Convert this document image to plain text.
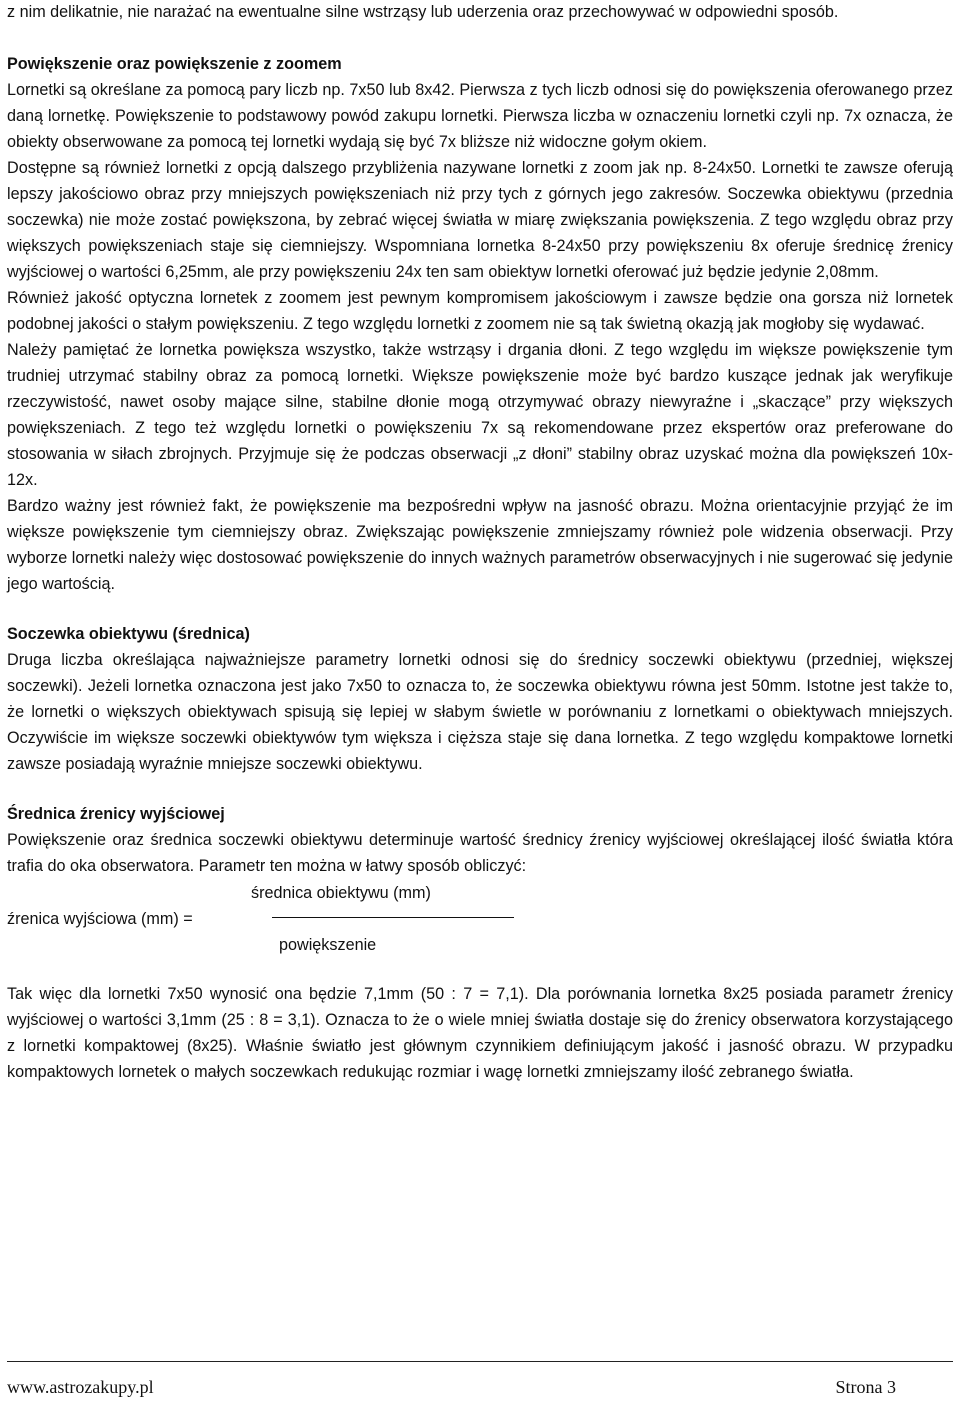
z nim delikatnie, nie narażać na ewentualne silne wstrząsy lub uderzenia oraz przechowywać w odpowiedni sposób.

Powiększenie oraz powiększenie z zoomem

Lornetki są określane za pomocą pary liczb np. 7x50 lub 8x42. Pierwsza z tych liczb odnosi się do powiększenia oferowanego przez daną lornetkę. Powiększenie to podstawowy powód zakupu lornetki. Pierwsza liczba w oznaczeniu lornetki czyli np. 7x oznacza, że obiekty obserwowane za pomocą tej lornetki wydają się być 7x bliższe niż widoczne gołym okiem.

Dostępne są również lornetki z opcją dalszego przybliżenia nazywane lornetki z zoom jak np. 8-24x50. Lornetki te zawsze oferują lepszy jakościowo obraz przy mniejszych powiększeniach niż przy tych z górnych jego zakresów. Soczewka obiektywu (przednia soczewka) nie może zostać powiększona, by zebrać więcej światła w miarę zwiększania powiększenia. Z tego względu obraz przy większych powiększeniach staje się ciemniejszy. Wspomniana lornetka 8-24x50 przy powiększeniu 8x oferuje średnicę źrenicy wyjściowej o wartości 6,25mm, ale przy powiększeniu 24x ten sam obiektyw lornetki oferować już będzie jedynie 2,08mm.

Również jakość optyczna lornetek z zoomem jest pewnym kompromisem jakościowym i zawsze będzie ona gorsza niż lornetek podobnej jakości o stałym powiększeniu. Z tego względu lornetki z zoomem nie są tak świetną okazją jak mogłoby się wydawać.

Należy pamiętać że lornetka powiększa wszystko, także wstrząsy i drgania dłoni. Z tego względu im większe powiększenie tym trudniej utrzymać stabilny obraz za pomocą lornetki. Większe powiększenie może być bardzo kuszące jednak jak weryfikuje rzeczywistość, nawet osoby mające silne, stabilne dłonie mogą otrzymywać obrazy niewyraźne i „skaczące” przy większych powiększeniach. Z tego też względu lornetki o powiększeniu 7x są rekomendowane przez ekspertów oraz preferowane do stosowania w siłach zbrojnych. Przyjmuje się że podczas obserwacji „z dłoni” stabilny obraz uzyskać można dla powiększeń 10x-12x.

Bardzo ważny jest również fakt, że powiększenie ma bezpośredni wpływ na jasność obrazu. Można orientacyjnie przyjąć że im większe powiększenie tym ciemniejszy obraz. Zwiększając powiększenie zmniejszamy również pole widzenia obserwacji. Przy wyborze lornetki należy więc dostosować powiększenie do innych ważnych parametrów obserwacyjnych i nie sugerować się jedynie jego wartością.

Soczewka obiektywu (średnica)

Druga liczba określająca najważniejsze parametry lornetki odnosi się do średnicy soczewki obiektywu (przedniej, większej soczewki). Jeżeli lornetka oznaczona jest jako 7x50 to oznacza to, że soczewka obiektywu równa jest 50mm. Istotne jest także to, że lornetki o większych obiektywach spisują się lepiej w słabym świetle w porównaniu z lornetkami o obiektywach mniejszych. Oczywiście im większe soczewki obiektywów tym większa i cięższa staje się dana lornetka. Z tego względu kompaktowe lornetki zawsze posiadają wyraźnie mniejsze soczewki obiektywu.

Średnica źrenicy wyjściowej

Powiększenie oraz średnica soczewki obiektywu determinuje wartość średnicy źrenicy wyjściowej określającej ilość światła która trafia do oka obserwatora. Parametr ten można w łatwy sposób obliczyć:

źrenica wyjściowa (mm) =
średnica obiektywu (mm)
powiększenie

Tak więc dla lornetki 7x50 wynosić ona będzie 7,1mm (50 : 7 = 7,1). Dla porównania lornetka 8x25 posiada parametr źrenicy wyjściowej o wartości 3,1mm (25 : 8 = 3,1). Oznacza to że o wiele mniej światła dostaje się do źrenicy obserwatora korzystającego z lornetki kompaktowej (8x25). Właśnie światło jest głównym czynnikiem definiującym jakość i jasność obrazu. W przypadku kompaktowych lornetek o małych soczewkach redukując rozmiar i wagę lornetki zmniejszamy ilość zebranego światła.

www.astrozakupy.pl	Strona 3
